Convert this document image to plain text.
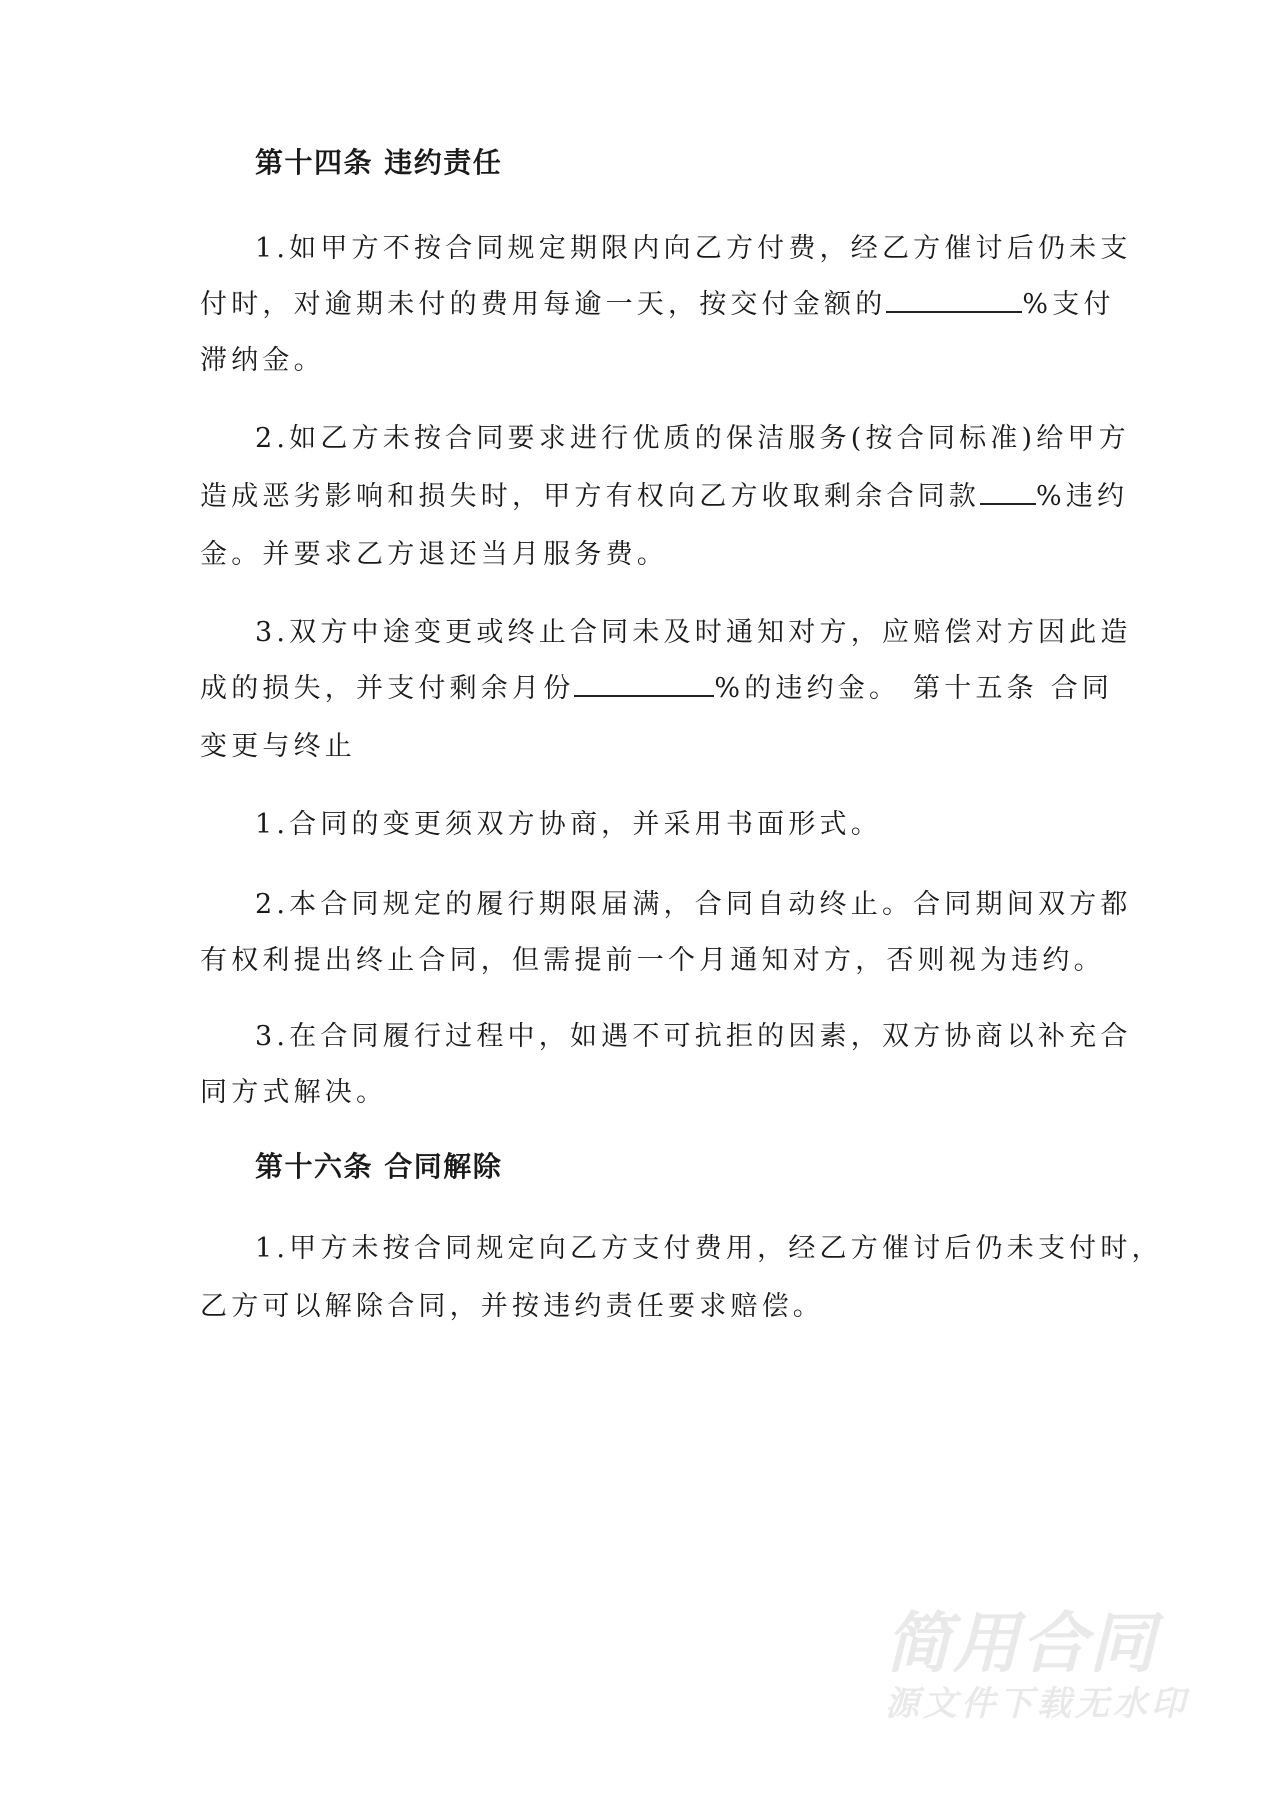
第十四条 违约责任
1.如甲方不按合同规定期限内向乙方付费，经乙方催讨后仍未支
付时，对逾期未付的费用每逾一天，按交付金额的	%支付
滞纳金。
2.如乙方未按合同要求进行优质的保洁服务(按合同标准)给甲方
造成恶劣影响和损失时，甲方有权向乙方收取剩余合同款 %违约
金。并要求乙方退还当月服务费。
3.双方中途变更或终止合同未及时通知对方，应赔偿对方因此造
成的损失，并支付剩余月份	%的违约金。 第十五条 合同
变更与终止
1.合同的变更须双方协商，并采用书面形式。
2.本合同规定的履行期限届满，合同自动终止。合同期间双方都
有权利提出终止合同，但需提前一个月通知对方，否则视为违约。
3.在合同履行过程中，如遇不可抗拒的因素，双方协商以补充合
同方式解决。
第十六条 合同解除
1.甲方未按合同规定向乙方支付费用，经乙方催讨后仍未支付时，
乙方可以解除合同，并按违约责任要求赔偿。
简用合同
源文件下载无水印
